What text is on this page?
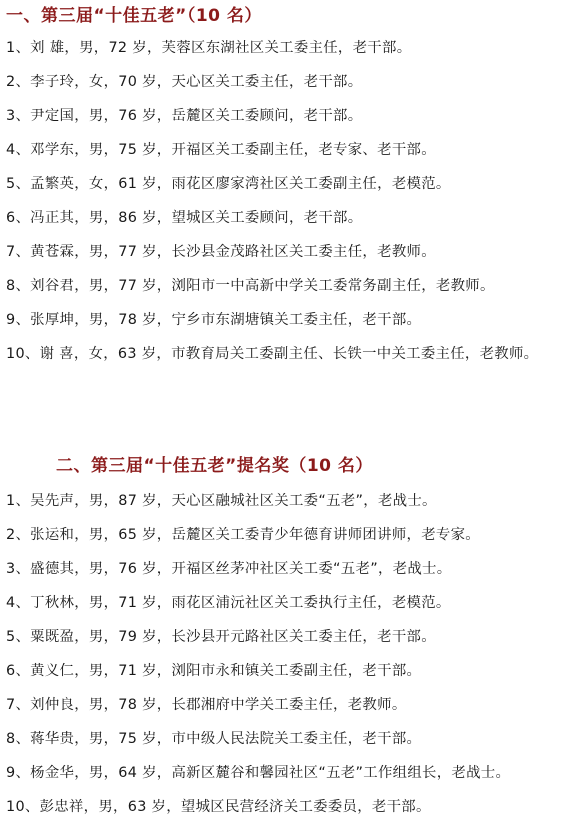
一、第三届“十佳五老”（10 名）
1、刘 雄，男，72 岁，芙蓉区东湖社区关工委主任，老干部。
2、李子玲，女，70 岁，天心区关工委主任，老干部。
3、尹定国，男，76 岁，岳麓区关工委顾问，老干部。
4、邓学东，男，75 岁，开福区关工委副主任，老专家、老干部。
5、孟繁英，女，61 岁，雨花区廖家湾社区关工委副主任，老模范。
6、冯正其，男，86 岁，望城区关工委顾问，老干部。
7、黄苍霖，男，77 岁，长沙县金茂路社区关工委主任，老教师。
8、刘谷君，男，77 岁，浏阳市一中高新中学关工委常务副主任，老教师。
9、张厚坤，男，78 岁，宁乡市东湖塘镇关工委主任，老干部。
10、谢 喜，女，63 岁，市教育局关工委副主任、长铁一中关工委主任，老教师。
二、第三届“十佳五老”提名奖（10 名）
1、吴先声，男，87 岁，天心区融城社区关工委“五老”，老战士。
2、张运和，男，65 岁，岳麓区关工委青少年德育讲师团讲师，老专家。
3、盛德其，男，76 岁，开福区丝茅冲社区关工委“五老”，老战士。
4、丁秋林，男，71 岁，雨花区浦沅社区关工委执行主任，老模范。
5、粟既盈，男，79 岁，长沙县开元路社区关工委主任，老干部。
6、黄义仁，男，71 岁，浏阳市永和镇关工委副主任，老干部。
7、刘仲良，男，78 岁，长郡湘府中学关工委主任，老教师。
8、蒋华贵，男，75 岁，市中级人民法院关工委主任，老干部。
9、杨金华，男，64 岁，高新区麓谷和馨园社区“五老”工作组组长，老战士。
10、彭忠祥，男，63 岁，望城区民营经济关工委委员，老干部。
